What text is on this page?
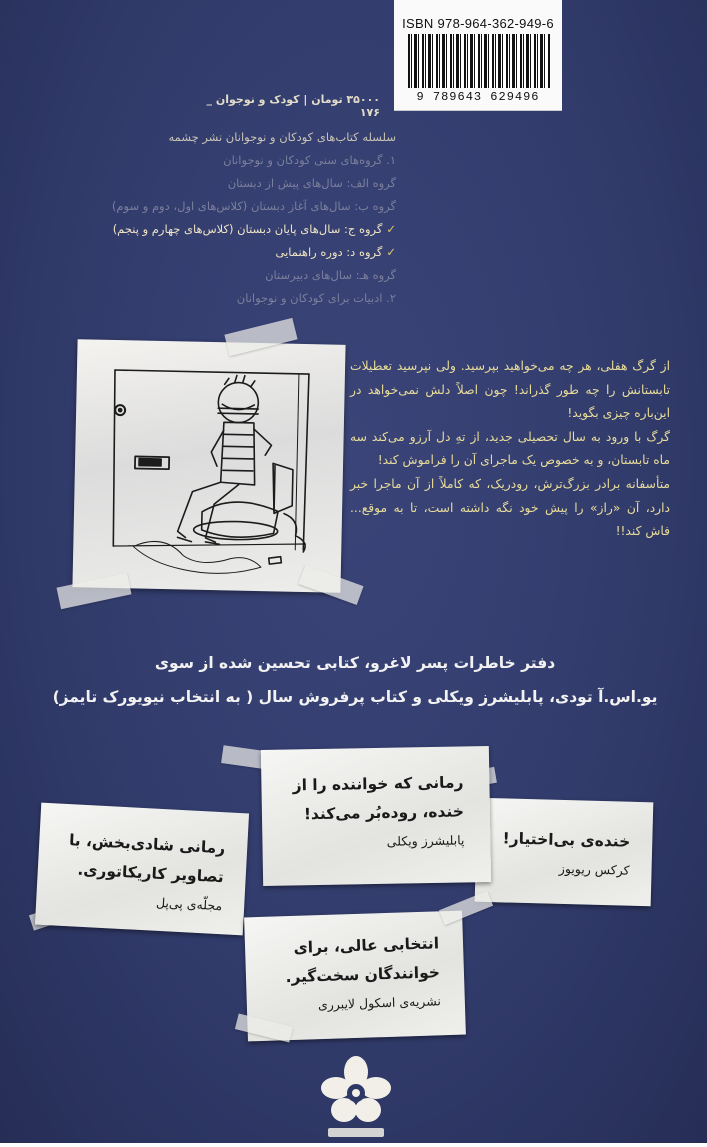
ISBN 978-964-362-949-6
9 789643 629496
۳۵۰۰۰ تومان | کودک و نوجوان _ ۱۷۶
سلسله کتاب‌های کودکان و نوجوانان نشر چشمه
۱. گروه‌های سنی کودکان و نوجوانان
گروه الف: سال‌های پیش از دبستان
گروه ب: سال‌های آغاز دبستان (کلاس‌های اول، دوم و سوم)
✓گروه ج: سال‌های پایان دبستان (کلاس‌های چهارم و پنجم)
✓گروه د: دوره راهنمایی
گروه هـ: سال‌های دبیرستان
۲. ادبیات برای کودکان و نوجوانان
از گرگ هفلی، هر چه می‌خواهید بپرسید. ولی نپرسید تعطیلات تابستانش را چه طور گذراند! چون اصلاً دلش نمی‌خواهد در این‌باره چیزی بگوید!
گرگ با ورود به سال تحصیلی جدید، از تهِ دل آرزو می‌کند سه ماه تابستان، و به خصوص یک ماجرای آن را فراموش کند!
متأسفانه برادر بزرگ‌ترش، رودریک، که کاملاً از آن ماجرا خبر دارد، آن «راز» را پیش خود نگه داشته است، تا به موقع... فاش کند!!
دفتر خاطرات پسر لاغرو، کتابی تحسین شده از سوی
یو.اس.آ تودی، پابلیشرز ویکلی و کتاب پرفروش سال ( به انتخاب نیویورک تایمز)
رمانی شادی‌بخش، با تصاویر کاریکاتوری.
مجلّه‌ی پی‌پل
خنده‌ی بی‌اختیار!
کرکس ریویوز
رمانی که خواننده را از خنده، روده‌بُر می‌کند!
پابلیشرز ویکلی
انتخابی عالی، برای خوانندگان سخت‌گیر.
نشریه‌ی اسکول لایبرری
